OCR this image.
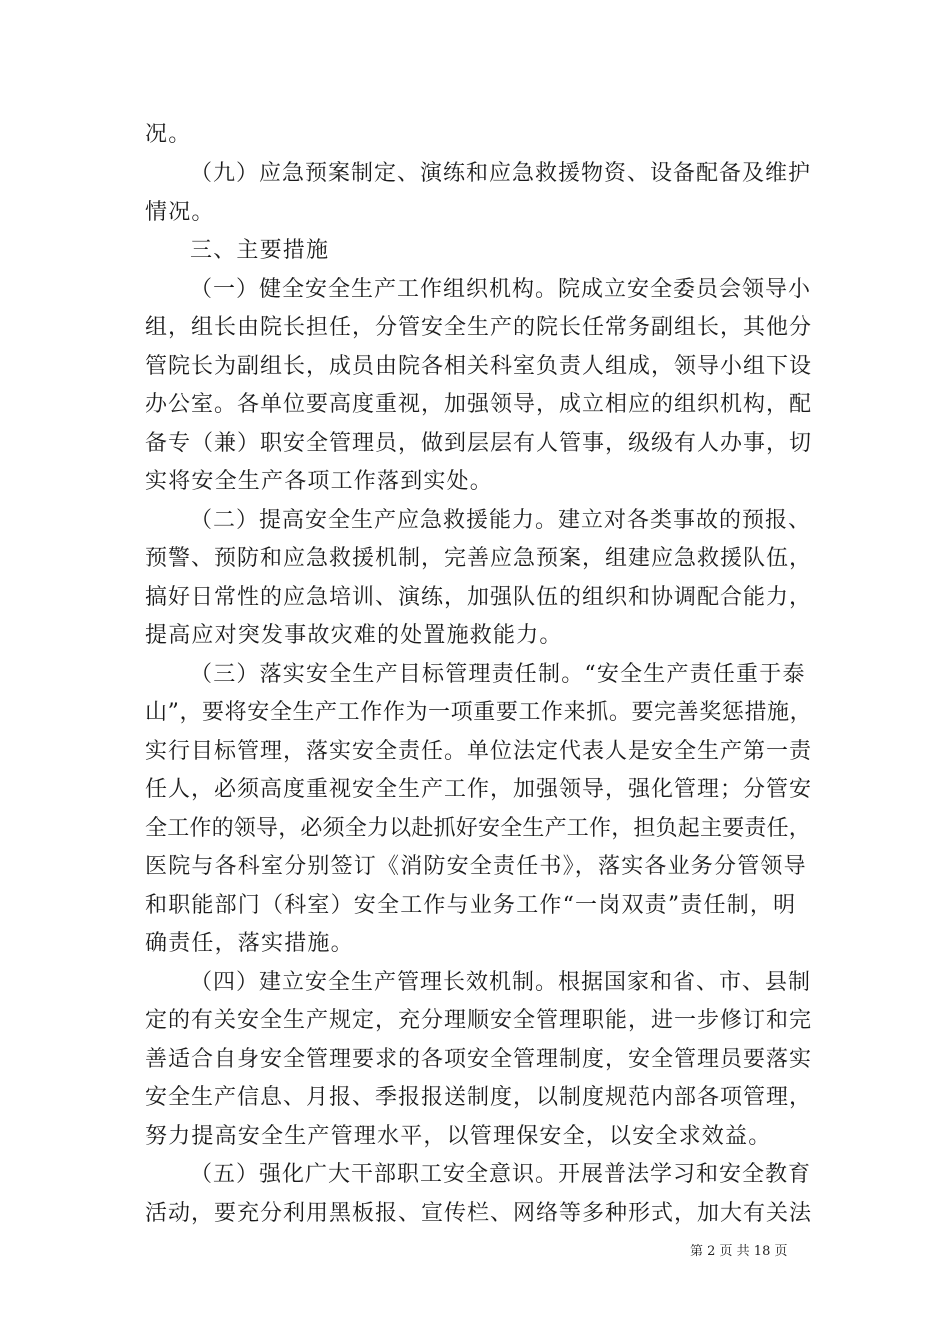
况。
（九）应急预案制定、演练和应急救援物资、设备配备及维护
情况。
三、主要措施
（一）健全安全生产工作组织机构。院成立安全委员会领导小
组，组长由院长担任，分管安全生产的院长任常务副组长，其他分
管院长为副组长，成员由院各相关科室负责人组成，领导小组下设
办公室。各单位要高度重视，加强领导，成立相应的组织机构，配
备专（兼）职安全管理员，做到层层有人管事，级级有人办事，切
实将安全生产各项工作落到实处。
（二）提高安全生产应急救援能力。建立对各类事故的预报、
预警、预防和应急救援机制，完善应急预案，组建应急救援队伍，
搞好日常性的应急培训、演练，加强队伍的组织和协调配合能力，
提高应对突发事故灾难的处置施救能力。
（三）落实安全生产目标管理责任制。“安全生产责任重于泰
山”，要将安全生产工作作为一项重要工作来抓。要完善奖惩措施，
实行目标管理，落实安全责任。单位法定代表人是安全生产第一责
任人，必须高度重视安全生产工作，加强领导，强化管理；分管安
全工作的领导，必须全力以赴抓好安全生产工作，担负起主要责任，
医院与各科室分别签订《消防安全责任书》，落实各业务分管领导
和职能部门（科室）安全工作与业务工作“一岗双责”责任制，明
确责任，落实措施。
（四）建立安全生产管理长效机制。根据国家和省、市、县制
定的有关安全生产规定，充分理顺安全管理职能，进一步修订和完
善适合自身安全管理要求的各项安全管理制度，安全管理员要落实
安全生产信息、月报、季报报送制度，以制度规范内部各项管理，
努力提高安全生产管理水平，以管理保安全，以安全求效益。
（五）强化广大干部职工安全意识。开展普法学习和安全教育
活动，要充分利用黑板报、宣传栏、网络等多种形式，加大有关法
第 2 页 共 18 页
